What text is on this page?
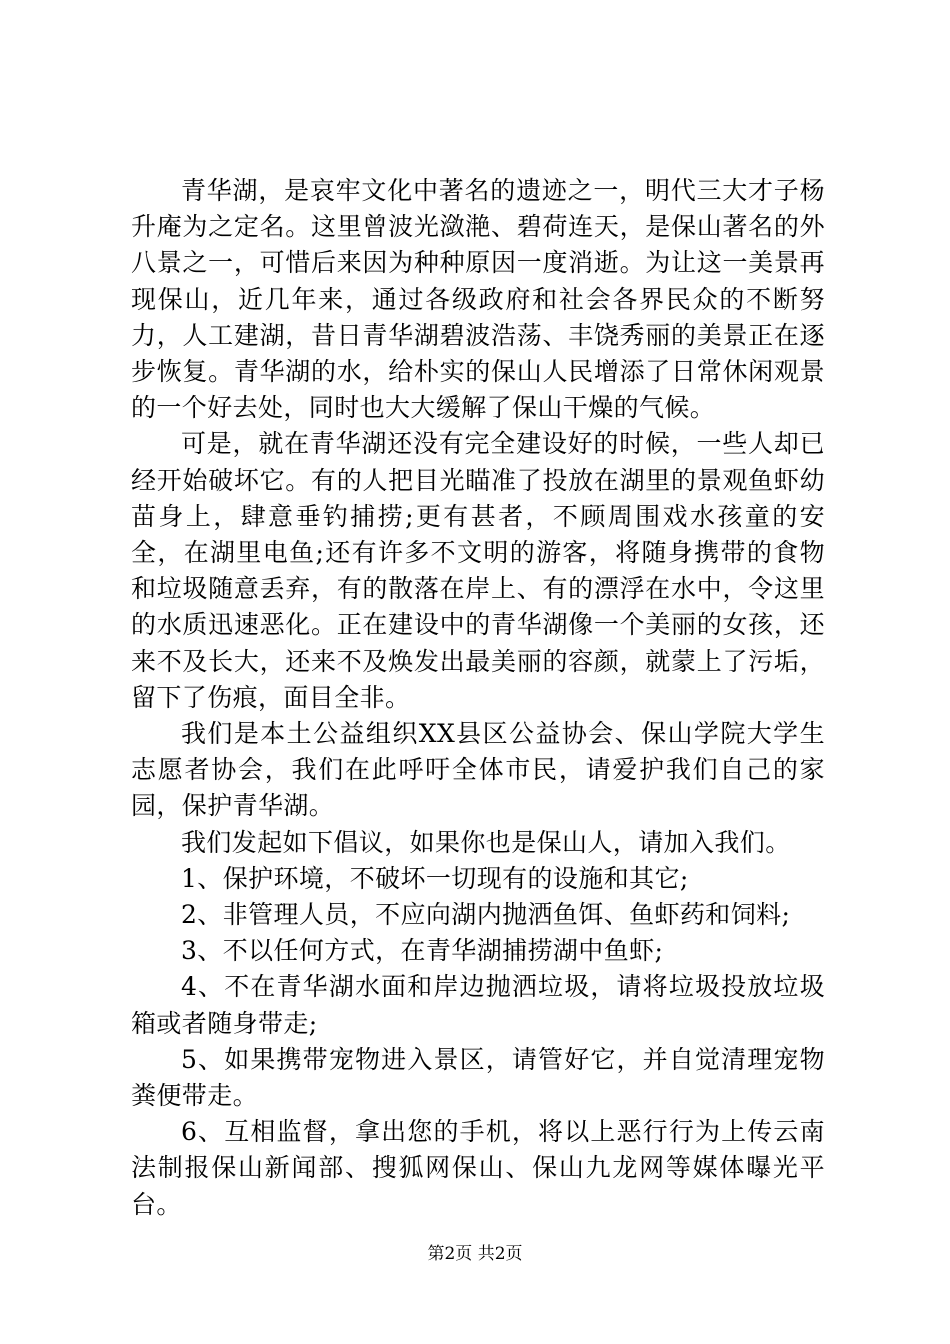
青华湖，是哀牢文化中著名的遗迹之一，明代三大才子杨升庵为之定名。这里曾波光潋滟、碧荷连天，是保山著名的外八景之一，可惜后来因为种种原因一度消逝。为让这一美景再现保山，近几年来，通过各级政府和社会各界民众的不断努力，人工建湖，昔日青华湖碧波浩荡、丰饶秀丽的美景正在逐步恢复。青华湖的水，给朴实的保山人民增添了日常休闲观景的一个好去处，同时也大大缓解了保山干燥的气候。

可是，就在青华湖还没有完全建设好的时候，一些人却已经开始破坏它。有的人把目光瞄准了投放在湖里的景观鱼虾幼苗身上，肆意垂钓捕捞;更有甚者，不顾周围戏水孩童的安全，在湖里电鱼;还有许多不文明的游客，将随身携带的食物和垃圾随意丢弃，有的散落在岸上、有的漂浮在水中，令这里的水质迅速恶化。正在建设中的青华湖像一个美丽的女孩，还来不及长大，还来不及焕发出最美丽的容颜，就蒙上了污垢，留下了伤痕，面目全非。

我们是本土公益组织XX县区公益协会、保山学院大学生志愿者协会，我们在此呼吁全体市民，请爱护我们自己的家园，保护青华湖。

我们发起如下倡议，如果你也是保山人，请加入我们。

1、保护环境，不破坏一切现有的设施和其它;

2、非管理人员，不应向湖内抛洒鱼饵、鱼虾药和饲料;

3、不以任何方式，在青华湖捕捞湖中鱼虾;

4、不在青华湖水面和岸边抛洒垃圾，请将垃圾投放垃圾箱或者随身带走;

5、如果携带宠物进入景区，请管好它，并自觉清理宠物粪便带走。

6、互相监督，拿出您的手机，将以上恶行行为上传云南法制报保山新闻部、搜狐网保山、保山九龙网等媒体曝光平台。

第2页 共2页
